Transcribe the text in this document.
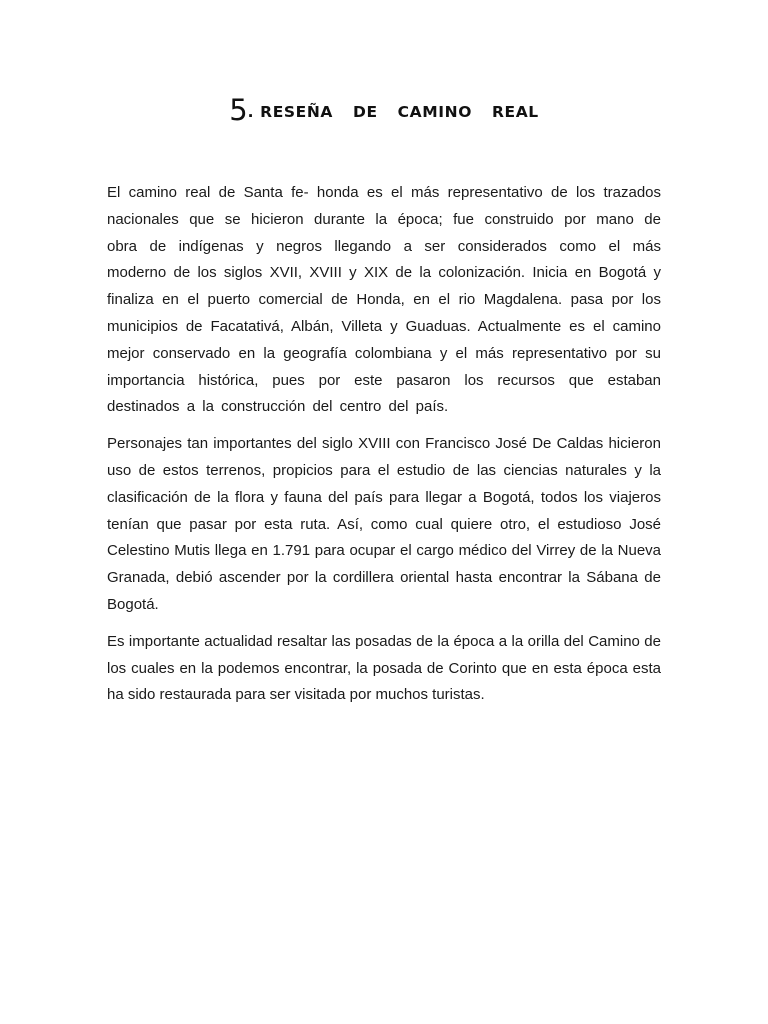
5. RESEÑA DE CAMINO REAL

El camino real de Santa fe- honda es el más representativo de los trazados nacionales que se hicieron durante la época; fue construido por mano de obra de indígenas y negros llegando a ser considerados como el más moderno de los siglos XVII, XVIII y XIX de la colonización. Inicia en Bogotá y finaliza en el puerto comercial de Honda, en el rio Magdalena. pasa por los municipios de Facatativá, Albán, Villeta y Guaduas. Actualmente es el camino mejor conservado en la geografía colombiana y el más representativo por su importancia histórica, pues por este pasaron los recursos que estaban destinados a la construcción del centro del país.

Personajes tan importantes del siglo XVIII con Francisco José De Caldas hicieron uso de estos terrenos, propicios para el estudio de las ciencias naturales y la clasificación de la flora y fauna del país para llegar a Bogotá, todos los viajeros tenían que pasar por esta ruta. Así, como cual quiere otro, el estudioso José Celestino Mutis llega en 1.791 para ocupar el cargo médico del Virrey de la Nueva Granada, debió ascender por la cordillera oriental hasta encontrar la Sábana de Bogotá.

Es importante actualidad resaltar las posadas de la época a la orilla del Camino de los cuales en la podemos encontrar, la posada de Corinto que en esta época esta ha sido restaurada para ser visitada por muchos turistas.
